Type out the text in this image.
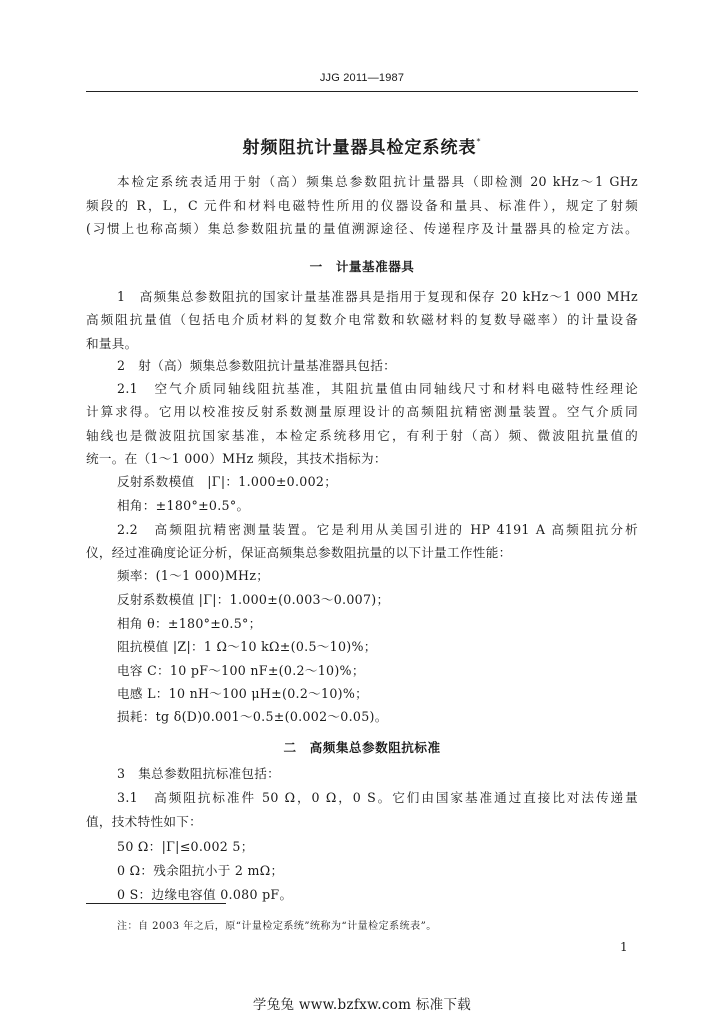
JJG 2011—1987
射频阻抗计量器具检定系统表*
本检定系统表适用于射（高）频集总参数阻抗计量器具（即检测 20 kHz～1 GHz
频段的 R，L，C 元件和材料电磁特性所用的仪器设备和量具、标准件），规定了射频
(习惯上也称高频）集总参数阻抗量的量值溯源途径、传递程序及计量器具的检定方法。
一　计量基准器具
1　高频集总参数阻抗的国家计量基准器具是指用于复现和保存 20 kHz～1 000 MHz
高频阻抗量值（包括电介质材料的复数介电常数和软磁材料的复数导磁率）的计量设备
和量具。
2　射（高）频集总参数阻抗计量基准器具包括：
2.1　空气介质同轴线阻抗基准，其阻抗量值由同轴线尺寸和材料电磁特性经理论
计算求得。它用以校准按反射系数测量原理设计的高频阻抗精密测量装置。空气介质同
轴线也是微波阻抗国家基准，本检定系统移用它，有利于射（高）频、微波阻抗量值的
统一。在（1～1 000）MHz 频段，其技术指标为：
反射系数模值　|Γ|：1.000±0.002；
相角：±180°±0.5°。
2.2　高频阻抗精密测量装置。它是利用从美国引进的 HP 4191 A 高频阻抗分析
仪，经过准确度论证分析，保证高频集总参数阻抗量的以下计量工作性能：
频率：(1～1 000)MHz；
反射系数模值 |Γ|：1.000±(0.003～0.007)；
相角 θ：±180°±0.5°；
阻抗模值 |Z|：1 Ω～10 kΩ±(0.5～10)%；
电容 C：10 pF～100 nF±(0.2～10)%；
电感 L：10 nH～100 μH±(0.2～10)%；
损耗：tg δ(D)0.001～0.5±(0.002～0.05)。
二　高频集总参数阻抗标准
3　集总参数阻抗标准包括：
3.1　高频阻抗标准件 50 Ω，0 Ω，0 S。它们由国家基准通过直接比对法传递量
值，技术特性如下：
50 Ω：|Γ|≤0.002 5；
0 Ω：残余阻抗小于 2 mΩ；
0 S：边缘电容值 0.080 pF。
注：自 2003 年之后，原“计量检定系统”统称为“计量检定系统表”。
1
学兔兔 www.bzfxw.com 标准下载
